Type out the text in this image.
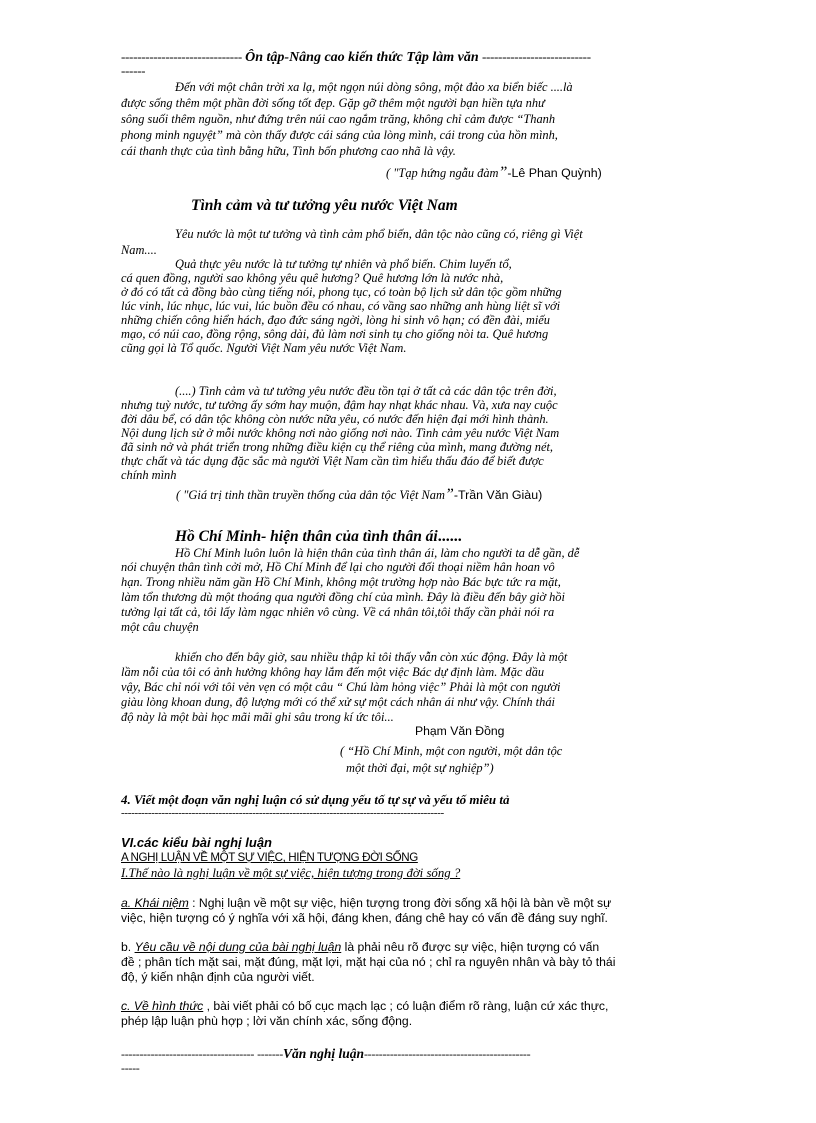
------------------------------ Ôn tập-Nâng cao kiến thức Tập làm văn ---------------------------
------
Đến với một chân trời xa lạ, một ngọn núi dòng sông, một đảo xa biển biếc ....là
được sống thêm một phần đời sống tốt đẹp. Gặp gỡ thêm một người bạn hiền tựa như
sông suối thêm nguồn, như đứng trên núi cao ngắm trăng, không chỉ cảm được “Thanh
phong minh nguyệt” mà còn thấy được cái sáng của lòng mình, cái trong của hồn mình,
cái thanh thực của tình bằng hữu, Tình bốn phương cao nhã là vậy.
( "Tạp hứng ngẫu đàm”-Lê Phan Quỳnh)
Tình cảm và tư tưởng yêu nước Việt Nam
Yêu nước là một tư tưởng và tình cảm phổ biến, dân tộc nào cũng có, riêng gì Việt
Nam....
Quả thực yêu nước là tư tưởng tự nhiên và phổ biến. Chim luyến tổ,
cá quen đồng, người sao không yêu quê hương? Quê hương lớn là nước nhà,
ở đó có tất cả đồng bào cùng tiếng nói, phong tục, có toàn bộ lịch sử dân tộc gồm những
lúc vinh, lúc nhục, lúc vui, lúc buồn đều có nhau, có vầng sao những anh hùng liệt sĩ với
những chiến công hiển hách, đạo đức sáng ngời, lòng hi sinh vô hạn; có đền đài, miếu
mạo, có núi cao, đồng rộng, sông dài, đủ làm nơi sinh tụ cho giống nòi ta. Quê hương
cũng gọi là Tổ quốc. Người Việt Nam yêu nước Việt Nam.
(....) Tình cảm và tư tưởng yêu nước đều tồn tại ở tất cả các dân tộc trên đời,
nhưng tuỳ nước, tư tưởng ấy sớm hay muộn, đậm hay nhạt khác nhau. Và, xưa nay cuộc
đời dâu bể, có dân tộc không còn nước nữa yêu, có nước đến hiện đại mới hình thành.
Nội dung lịch sử ở mỗi nước không nơi nào giống nơi nào. Tình cảm yêu nước Việt Nam
đã sinh nở và phát triển trong những điều kiện cụ thể riêng của mình, mang đường nét,
thực chất và tác dụng đặc sắc mà người Việt Nam cần tìm hiểu thấu đáo để biết được
chính mình
( "Giá trị tinh thần truyền thống của dân tộc Việt Nam”-Trần Văn Giàu)
Hồ Chí Minh- hiện thân của tình thân ái......
Hồ Chí Minh luôn luôn là hiện thân của tình thân ái, làm cho người ta dễ gần, dễ
nói chuyện thân tình cởi mở, Hồ Chí Minh để lại cho người đối thoại niềm hân hoan vô
hạn. Trong nhiều năm gần Hồ Chí Minh, không một trường hợp nào Bác bực tức ra mặt,
làm tổn thương dù một thoáng qua người đồng chí của mình. Đây là điều đến bây giờ hồi
tưởng lại tất cả, tôi lấy làm ngạc nhiên vô cùng. Về cá nhân tôi,tôi thấy cần phải nói ra
một câu chuyện
khiến cho đến bây giờ, sau nhiều thập kỉ tôi thấy vẫn còn xúc động. Đây là một
lầm nỗi của tôi có ảnh hưởng không hay lắm đến một việc Bác dự định làm. Mặc dầu
vậy, Bác chỉ nói với tôi vẻn vẹn có một câu “ Chú làm hỏng việc” Phải là một con người
giàu lòng khoan dung, độ lượng mới có thể xử sự một cách nhân ái như vậy. Chính thái
độ này là một bài học mãi mãi ghi sâu trong kí ức tôi...
Phạm Văn Đồng
( “Hồ Chí Minh, một con người, một dân tộc
một thời đại, một sự nghiệp”)
4. Viết một đoạn văn nghị luận có sử dụng yếu tố tự sự và yếu tố miêu tả
------------------------------------------------------------------------------------------------
VI.các kiểu bài nghị luận
A NGHỊ LUẬN VỀ MỘT SỰ VIỆC, HIỆN TƯỢNG ĐỜI SỐNG
I.Thế nào là nghị luận về một sự việc, hiện tượng trong đời sống ?
a. Khái niệm : Nghị luận về một sự việc, hiện tượng trong đời sống xã hội là bàn về một sự
việc, hiện tượng có ý nghĩa với xã hội, đáng khen, đáng chê hay có vấn đề đáng suy nghĩ.
b. Yêu cầu về nội dung của bài nghị luận là phải nêu rõ được sự việc, hiện tượng có vấn
đề ; phân tích mặt sai, mặt đúng, mặt lợi, mặt hại của nó ; chỉ ra nguyên nhân và bày tỏ thái
độ, ý kiến nhận định của người viết.
c. Về hình thức , bài viết phải có bố cục mạch lạc ; có luận điểm rõ ràng, luận cứ xác thực,
phép lập luận phù hợp ; lời văn chính xác, sống động.
------------------------------------ -------Văn nghị luận---------------------------------------------
-----
